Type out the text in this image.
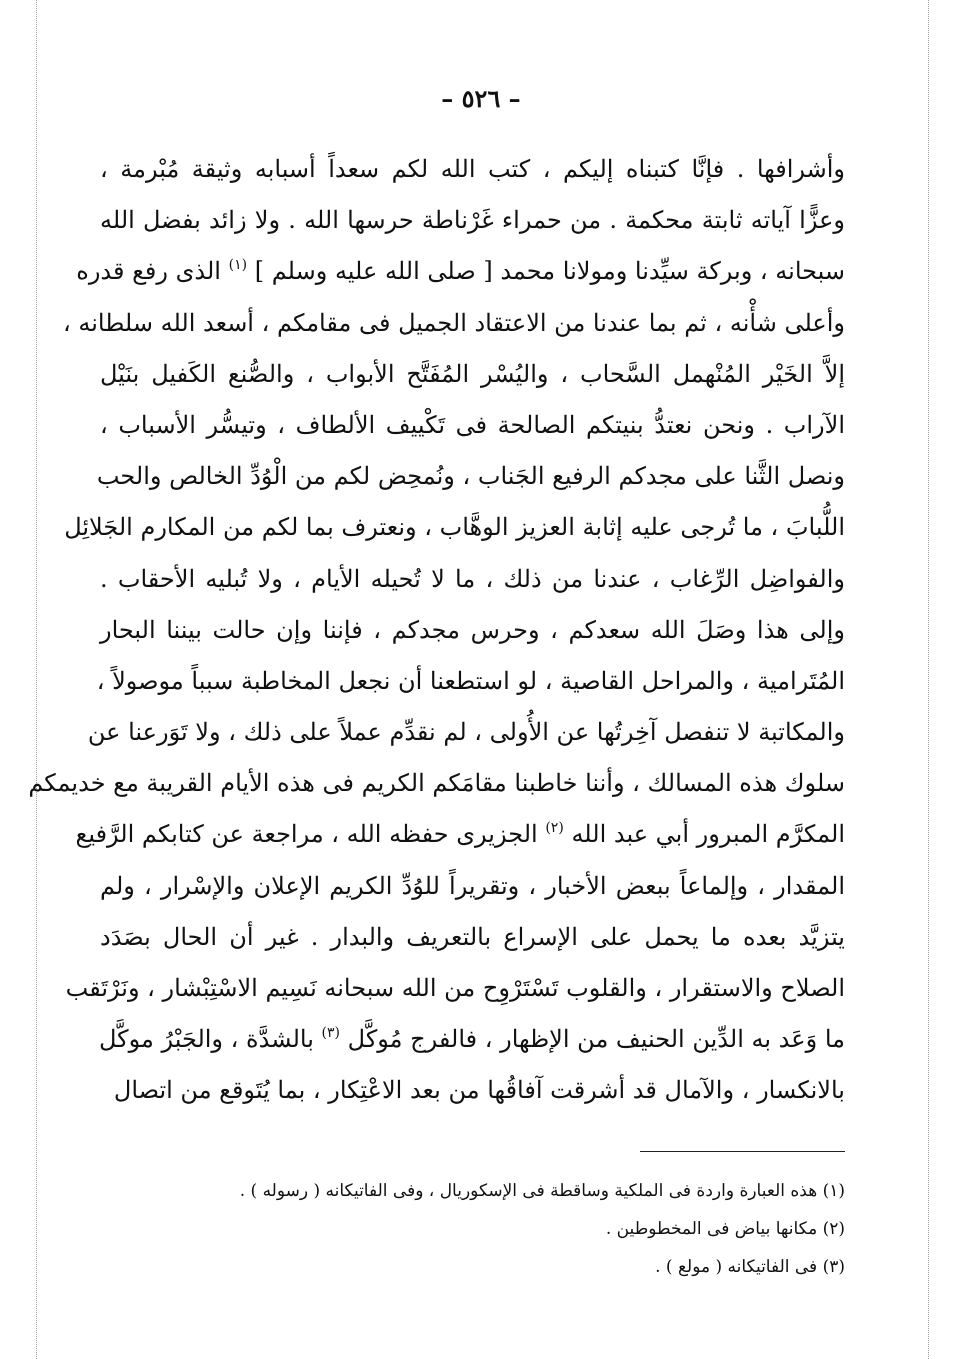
– ٥٢٦ –
وأشرافها . فإنَّا كتبناه إليكم ، كتب الله لكم سعداً أسبابه وثيقة مُبْرمة ،
وعزًّا آياته ثابتة محكمة . من حمراء غَرْناطة حرسها الله . ولا زائد بفضل الله
سبحانه ، وبركة سيِّدنا ومولانا محمد [ صلى الله عليه وسلم ] $^{(١)}$ الذى رفع قدره
وأعلى شأْنه ، ثم بما عندنا من الاعتقاد الجميل فى مقامكم ، أسعد الله سلطانه ،
إلاَّ الخَيْر المُنْهمل السَّحاب ، واليُسْر المُفَتَّح الأبواب ، والصُّنع الكَفيل بنَيْل
الآراب . ونحن نعتدُّ بنيتكم الصالحة فى تَكْييف الألطاف ، وتيسُّر الأسباب ،
ونصل الثَّنا على مجدكم الرفيع الجَناب ، ونُمحِض لكم من الْوُدِّ الخالص والحب
اللُّبابَ ، ما تُرجى عليه إثابة العزيز الوهَّاب ، ونعترف بما لكم من المكارم الجَلائِل
والفواضِل الرِّغاب ، عندنا من ذلك ، ما لا تُحيله الأيام ، ولا تُبليه الأحقاب .
وإلى هذا وصَلَ الله سعدكم ، وحرس مجدكم ، فإننا وإن حالت بيننا البحار
المُتَرامية ، والمراحل القاصية ، لو استطعنا أن نجعل المخاطبة سبباً موصولاً ،
والمكاتبة لا تنفصل آخِرتُها عن الأُولى ، لم نقدِّم عملاً على ذلك ، ولا تَوَرعنا عن
سلوك هذه المسالك ، وأننا خاطبنا مقامَكم الكريم فى هذه الأيام القريبة مع خديمكم
المكرَّم المبرور أبي عبد الله $^{(٢)}$ الجزيرى حفظه الله ، مراجعة عن كتابكم الرَّفيع
المقدار ، وإلماعاً ببعض الأخبار ، وتقريراً للوُدِّ الكريم الإعلان والإسْرار ، ولم
يتزيَّد بعده ما يحمل على الإسراع بالتعريف والبدار . غير أن الحال بصَدَد
الصلاح والاستقرار ، والقلوب تَسْتَرْوِح من الله سبحانه نَسِيم الاسْتِبْشار ، ونَرْتَقب
ما وَعَد به الدِّين الحنيف من الإظهار ، فالفرج مُوكَّل $^{(٣)}$ بالشدَّة ، والجَبْرُ موكَّل
بالانكسار ، والآمال قد أشرقت آفاقُها من بعد الاعْتِكار ، بما يُتَوقع من اتصال
(١) هذه العبارة واردة فى الملكية وساقطة فى الإسكوريال ، وفى الفاتيكانه ( رسوله ) .
(٢) مكانها بياض فى المخطوطين .
(٣) فى الفاتيكانه ( مولع ) .
